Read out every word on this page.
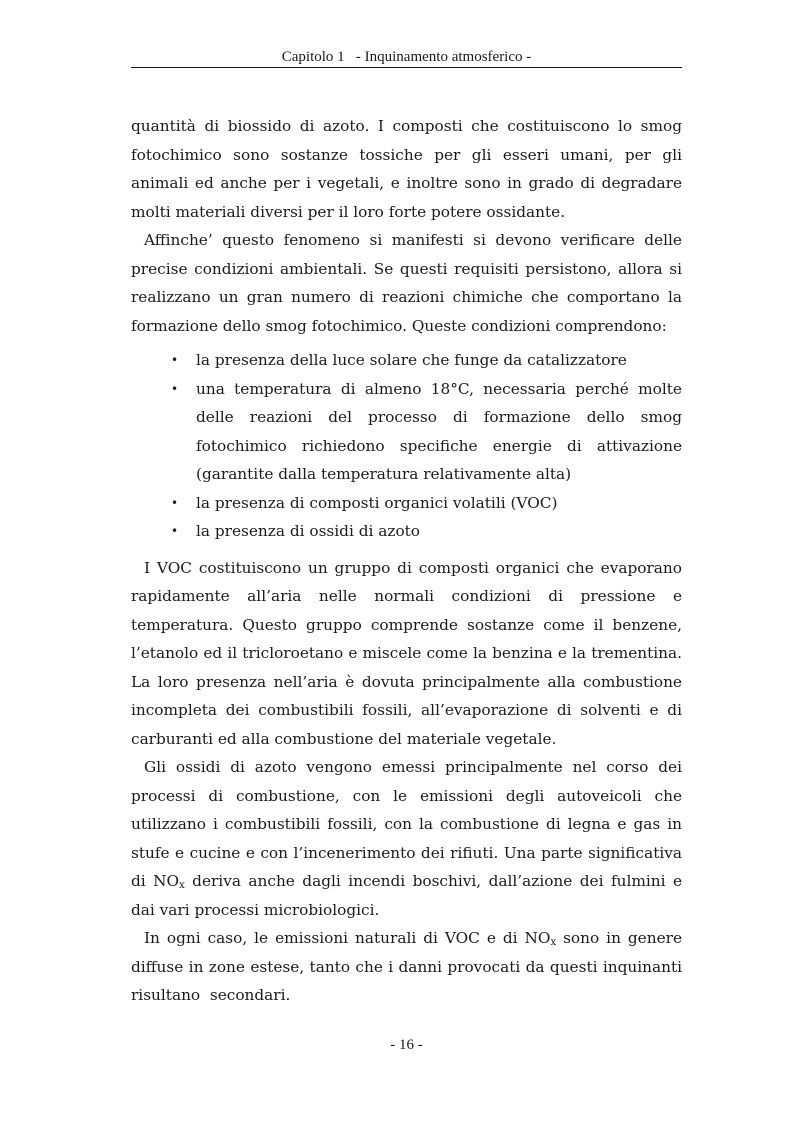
Capitolo 1   - Inquinamento atmosferico -

quantità di biossido di azoto. I composti che costituiscono lo smog fotochimico sono sostanze tossiche per gli esseri umani, per gli animali ed anche per i vegetali, e inoltre sono in grado di degradare molti materiali diversi per il loro forte potere ossidante.

Affinche’ questo fenomeno si manifesti si devono verificare delle precise condizioni ambientali. Se questi requisiti persistono, allora si realizzano un gran numero di reazioni chimiche che comportano la formazione dello smog fotochimico. Queste condizioni comprendono:

• la presenza della luce solare che funge da catalizzatore
• una temperatura di almeno 18°C, necessaria perché molte delle reazioni del processo di formazione dello smog fotochimico richiedono specifiche energie di attivazione (garantite dalla temperatura relativamente alta)
• la presenza di composti organici volatili (VOC)
• la presenza di ossidi di azoto

I VOC costituiscono un gruppo di composti organici che evaporano rapidamente all’aria nelle normali condizioni di pressione e temperatura. Questo gruppo comprende sostanze come il benzene, l’etanolo ed il tricloroetano e miscele come la benzina e la trementina. La loro presenza nell’aria è dovuta principalmente alla combustione incompleta dei combustibili fossili, all’evaporazione di solventi e di carburanti ed alla combustione del materiale vegetale.

Gli ossidi di azoto vengono emessi principalmente nel corso dei processi di combustione, con le emissioni degli autoveicoli che utilizzano i combustibili fossili, con la combustione di legna e gas in stufe e cucine e con l’incenerimento dei rifiuti. Una parte significativa di $NO_x$ deriva anche dagli incendi boschivi, dall’azione dei fulmini e dai vari processi microbiologici.

In ogni caso, le emissioni naturali di VOC e di $NO_x$ sono in genere diffuse in zone estese, tanto che i danni provocati da questi inquinanti  risultano  secondari.

- 16 -
